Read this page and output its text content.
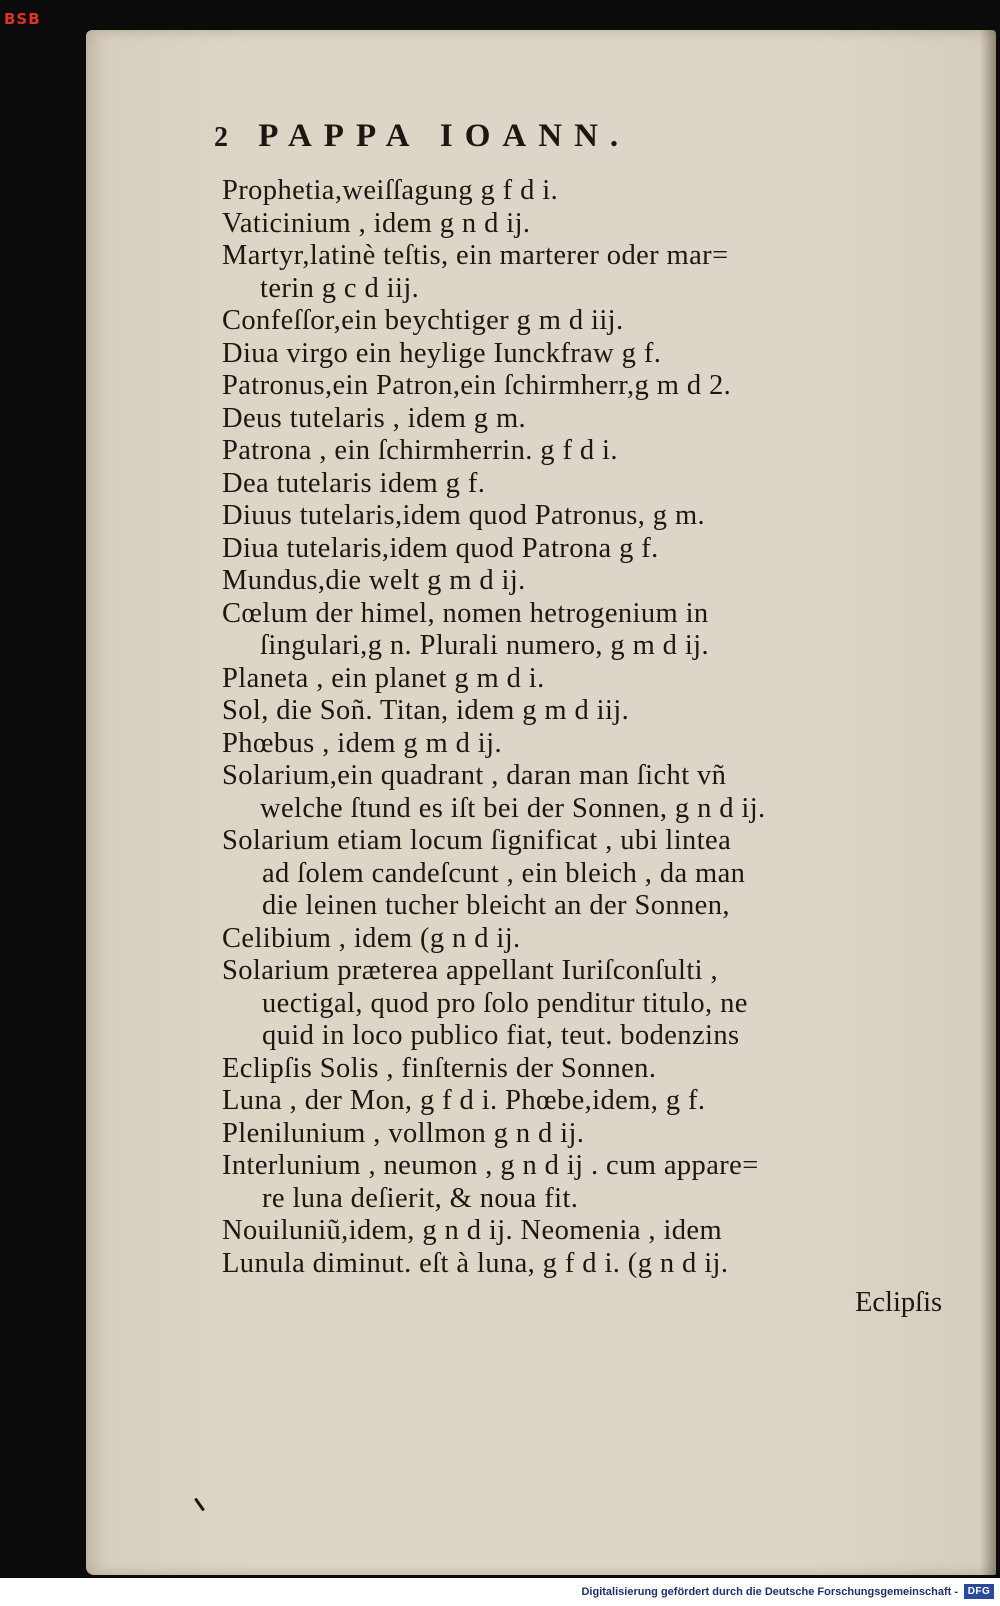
BSB
2 PAPPA IOANN.
Prophetia,weiſſagung g f d i.
Vaticinium , idem g n d ij.
Martyr,latinè teſtis, ein marterer oder mar=
terin g c d iij.
Confeſſor,ein beychtiger g m d iij.
Diua virgo ein heylige Iunckfraw g f.
Patronus,ein Patron,ein ſchirmherr,g m d 2.
Deus tutelaris , idem g m.
Patrona , ein ſchirmherrin. g f d i.
Dea tutelaris idem g f.
Diuus tutelaris,idem quod Patronus, g m.
Diua tutelaris,idem quod Patrona g f.
Mundus,die welt g m d ij.
Cœlum der himel, nomen hetrogenium in
ſingulari,g n. Plurali numero, g m d ij.
Planeta , ein planet g m d i.
Sol, die Soñ. Titan, idem g m d iij.
Phœbus , idem g m d ij.
Solarium,ein quadrant , daran man ſicht vñ
welche ſtund es iſt bei der Sonnen, g n d ij.
Solarium etiam locum ſignificat , ubi lintea
ad ſolem candeſcunt , ein bleich , da man
die leinen tucher bleicht an der Sonnen,
Celibium , idem (g n d ij.
Solarium præterea appellant Iuriſconſulti ,
uectigal, quod pro ſolo penditur titulo, ne
quid in loco publico fiat, teut. bodenzins
Eclipſis Solis , finſternis der Sonnen.
Luna , der Mon, g f d i. Phœbe,idem, g f.
Plenilunium , vollmon g n d ij.
Interlunium , neumon , g n d ij . cum appare=
re luna deſierit, & noua fit.
Nouiluniũ,idem, g n d ij. Neomenia , idem
Lunula diminut. eſt à luna, g f d i. (g n d ij.
Eclipſis
Digitalisierung gefördert durch die Deutsche Forschungsgemeinschaft - DFG
